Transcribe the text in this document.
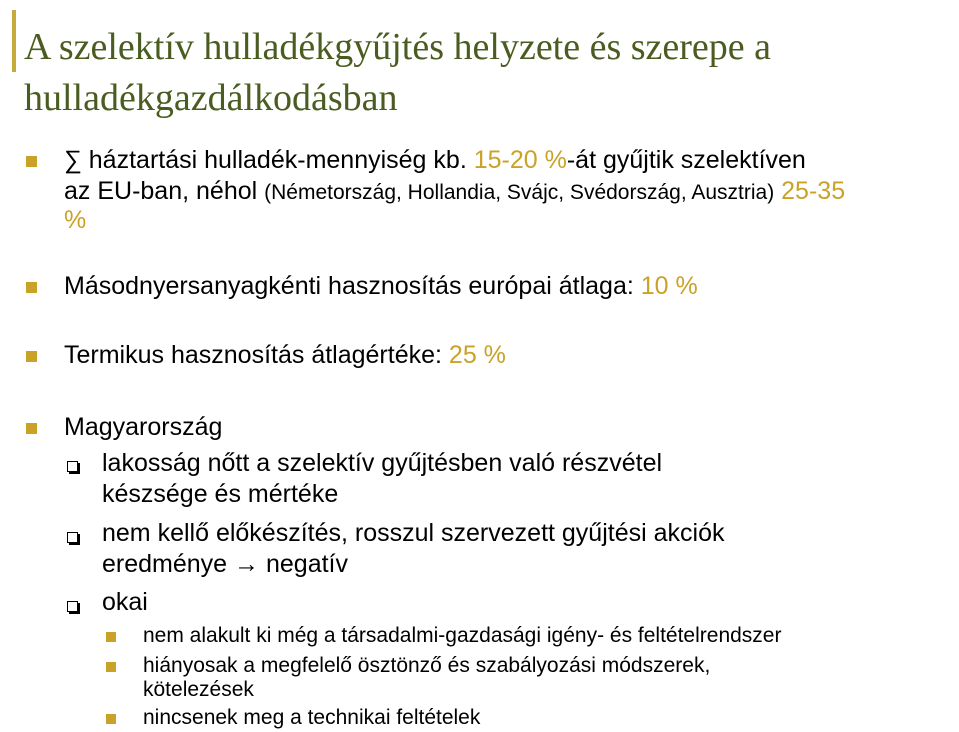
A szelektív hulladékgyűjtés helyzete és szerepe a
hulladékgazdálkodásban
∑ háztartási hulladék-mennyiség kb. 15-20 %-át gyűjtik szelektíven
az EU-ban, néhol (Németország, Hollandia, Svájc, Svédország, Ausztria) 25-35
%
Másodnyersanyagkénti hasznosítás európai átlaga: 10 %
Termikus hasznosítás átlagértéke: 25 %
Magyarország
lakosság nőtt a szelektív gyűjtésben való részvétel
készsége és mértéke
nem kellő előkészítés, rosszul szervezett gyűjtési akciók
eredménye → negatív
okai
nem alakult ki még a társadalmi-gazdasági igény- és feltételrendszer
hiányosak a megfelelő ösztönző és szabályozási módszerek,
kötelezések
nincsenek meg a technikai feltételek
